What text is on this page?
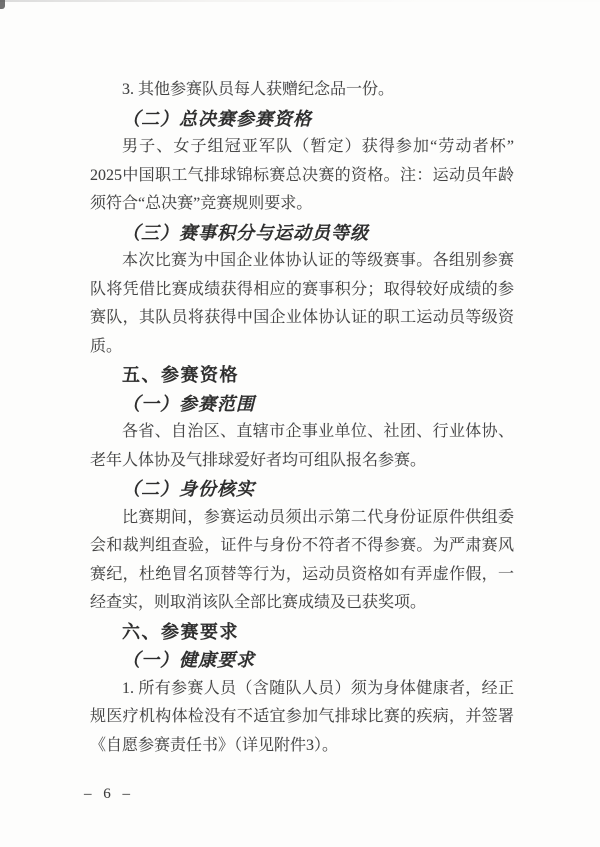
3. 其他参赛队员每人获赠纪念品一份。

（二）总决赛参赛资格

男子、女子组冠亚军队（暂定）获得参加“劳动者杯”2025中国职工气排球锦标赛总决赛的资格。注：运动员年龄须符合“总决赛”竞赛规则要求。

（三）赛事积分与运动员等级

本次比赛为中国企业体协认证的等级赛事。各组别参赛队将凭借比赛成绩获得相应的赛事积分；取得较好成绩的参赛队，其队员将获得中国企业体协认证的职工运动员等级资质。

五、参赛资格

（一）参赛范围

各省、自治区、直辖市企事业单位、社团、行业体协、老年人体协及气排球爱好者均可组队报名参赛。

（二）身份核实

比赛期间，参赛运动员须出示第二代身份证原件供组委会和裁判组查验，证件与身份不符者不得参赛。为严肃赛风赛纪，杜绝冒名顶替等行为，运动员资格如有弄虚作假，一经查实，则取消该队全部比赛成绩及已获奖项。

六、参赛要求

（一）健康要求

1. 所有参赛人员（含随队人员）须为身体健康者，经正规医疗机构体检没有不适宜参加气排球比赛的疾病，并签署《自愿参赛责任书》（详见附件3）。

– 6 –
